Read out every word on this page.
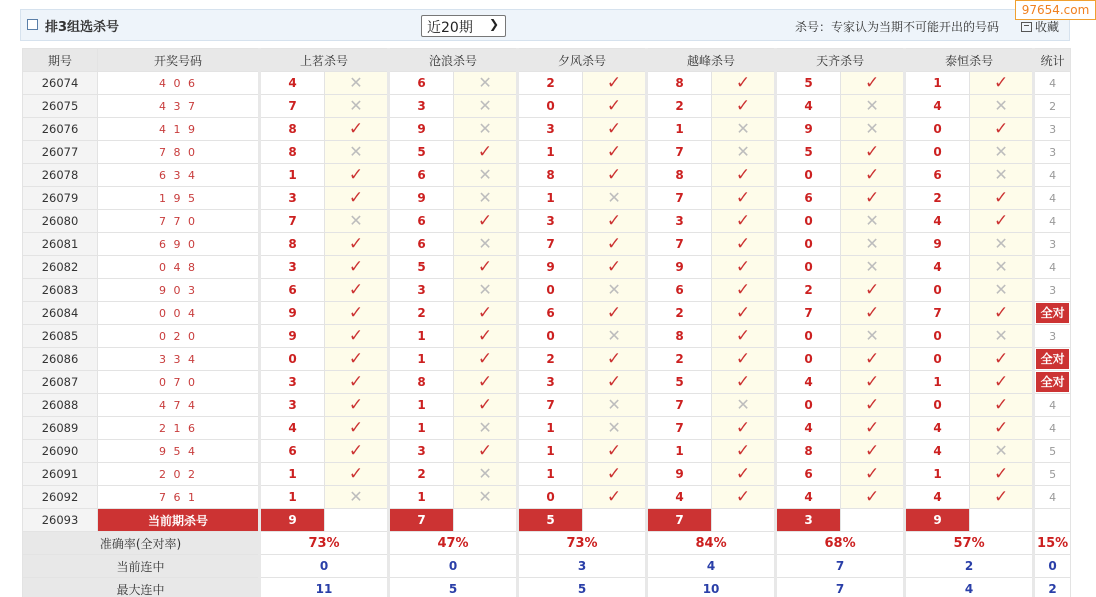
排3组选杀号	近20期 ❯	杀号：专家认为当期不可能开出的号码	收藏
97654.com
期号	开奖号码	上茗杀号		沧浪杀号		夕风杀号		越峰杀号		天齐杀号		泰恒杀号		统计
26074	4 0 6	4	✕	6	✕	2	✓	8	✓	5	✓	1	✓	4
26075	4 3 7	7	✕	3	✕	0	✓	2	✓	4	✕	4	✕	2
26076	4 1 9	8	✓	9	✕	3	✓	1	✕	9	✕	0	✓	3
26077	7 8 0	8	✕	5	✓	1	✓	7	✕	5	✓	0	✕	3
26078	6 3 4	1	✓	6	✕	8	✓	8	✓	0	✓	6	✕	4
26079	1 9 5	3	✓	9	✕	1	✕	7	✓	6	✓	2	✓	4
26080	7 7 0	7	✕	6	✓	3	✓	3	✓	0	✕	4	✓	4
26081	6 9 0	8	✓	6	✕	7	✓	7	✓	0	✕	9	✕	3
26082	0 4 8	3	✓	5	✓	9	✓	9	✓	0	✕	4	✕	4
26083	9 0 3	6	✓	3	✕	0	✕	6	✓	2	✓	0	✕	3
26084	0 0 4	9	✓	2	✓	6	✓	2	✓	7	✓	7	✓	全对
26085	0 2 0	9	✓	1	✓	0	✕	8	✓	0	✕	0	✕	3
26086	3 3 4	0	✓	1	✓	2	✓	2	✓	0	✓	0	✓	全对
26087	0 7 0	3	✓	8	✓	3	✓	5	✓	4	✓	1	✓	全对
26088	4 7 4	3	✓	1	✓	7	✕	7	✕	0	✓	0	✓	4
26089	2 1 6	4	✓	1	✕	1	✕	7	✓	4	✓	4	✓	4
26090	9 5 4	6	✓	3	✓	1	✓	1	✓	8	✓	4	✕	5
26091	2 0 2	1	✓	2	✕	1	✓	9	✓	6	✓	1	✓	5
26092	7 6 1	1	✕	1	✕	0	✓	4	✓	4	✓	4	✓	4
26093	当前期杀号	9		7		5		7		3		9		
准确率(全对率)		73%		47%		73%		84%		68%		57%		15%
当前连中		0		0		3		4		7		2		0
最大连中		11		5		5		10		7		4		2
